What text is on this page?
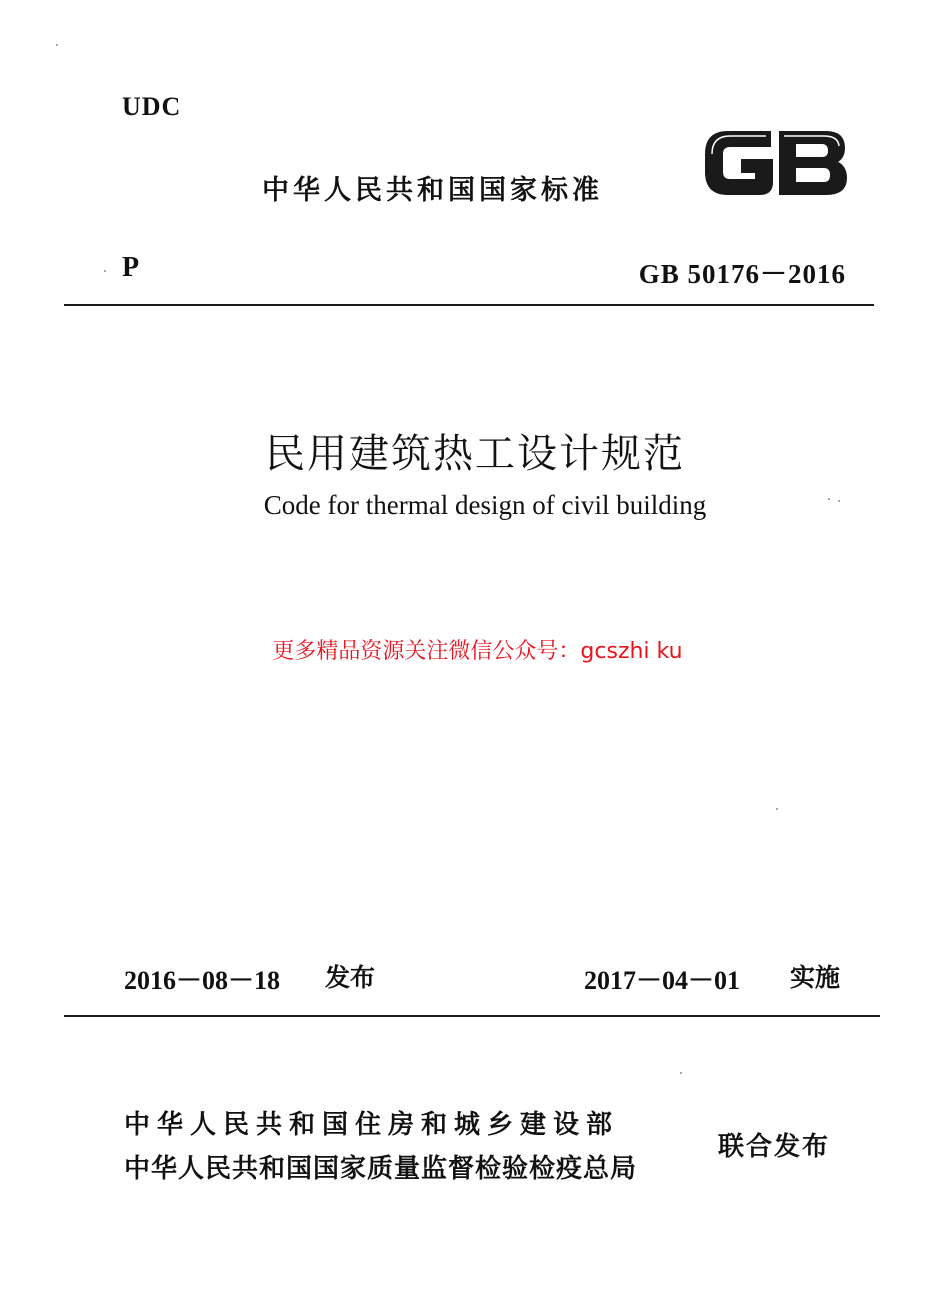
UDC
中华人民共和国国家标准
P	GB 50176－2016
民用建筑热工设计规范
Code for thermal design of civil building
更多精品资源关注微信公众号：gcszhi ku
2016－08－18 发布	2017－04－01 实施
中华人民共和国住房和城乡建设部
中华人民共和国国家质量监督检验检疫总局
联合发布
